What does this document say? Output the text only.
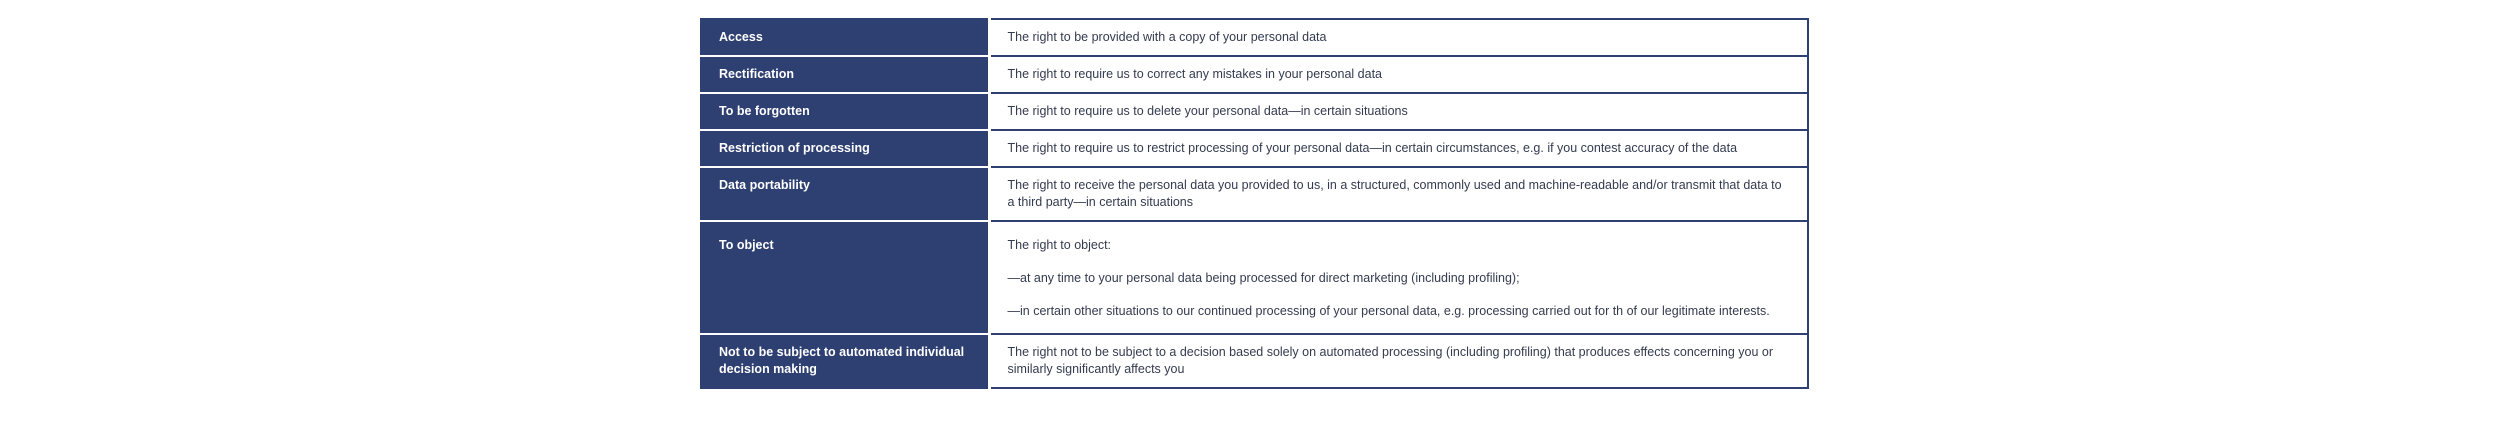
Access	The right to be provided with a copy of your personal data

Rectification	The right to require us to correct any mistakes in your personal data

To be forgotten	The right to require us to delete your personal data—in certain situations

Restriction of processing	The right to require us to restrict processing of your personal data—in certain circumstances, e.g. if you contest accuracy of the data

Data portability	The right to receive the personal data you provided to us, in a structured, commonly used and machine-readable and/or transmit that data to a third party—in certain situations

To object	The right to object:
—at any time to your personal data being processed for direct marketing (including profiling);
—in certain other situations to our continued processing of your personal data, e.g. processing carried out for th of our legitimate interests.

Not to be subject to automated individual decision making	The right not to be subject to a decision based solely on automated processing (including profiling) that produces effects concerning you or similarly significantly affects you
